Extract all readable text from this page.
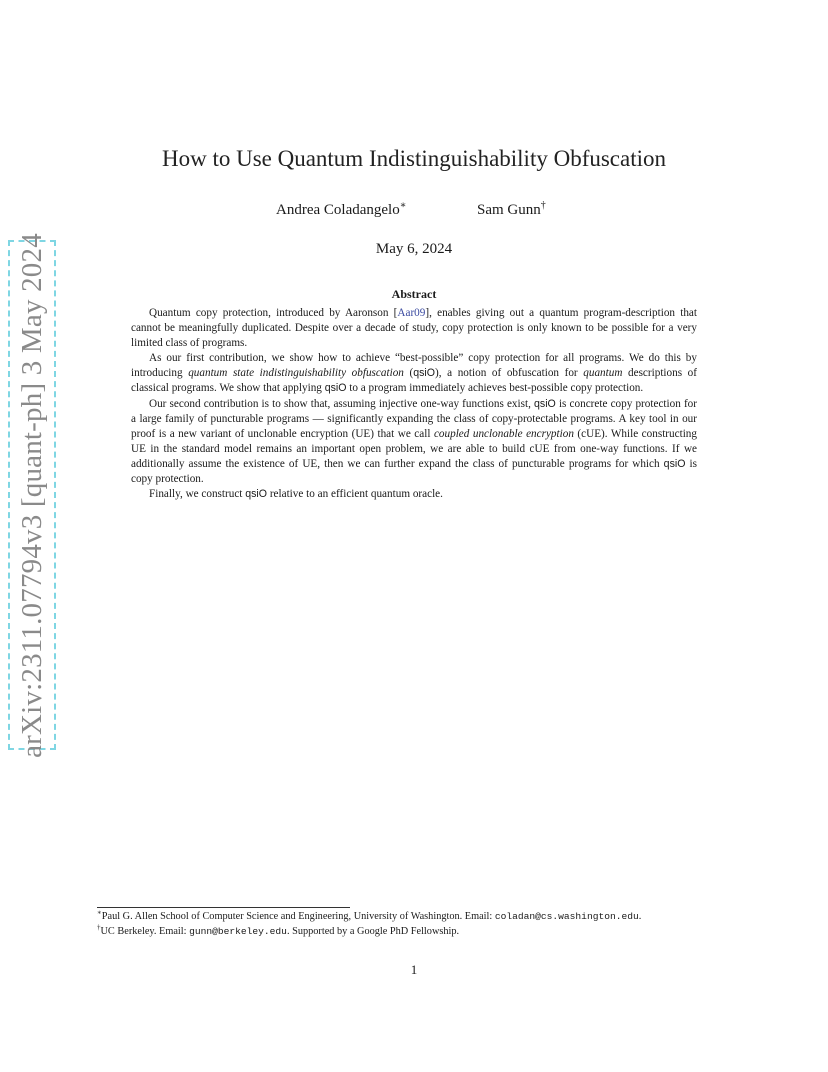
arXiv:2311.07794v3 [quant-ph] 3 May 2024
How to Use Quantum Indistinguishability Obfuscation
Andrea Coladangelo∗	Sam Gunn†
May 6, 2024
Abstract

Quantum copy protection, introduced by Aaronson [Aar09], enables giving out a quantum program-description that cannot be meaningfully duplicated. Despite over a decade of study, copy protection is only known to be possible for a very limited class of programs.

As our first contribution, we show how to achieve “best-possible” copy protection for all programs. We do this by introducing quantum state indistinguishability obfuscation (qsiO), a notion of obfuscation for quantum descriptions of classical programs. We show that applying qsiO to a program immediately achieves best-possible copy protection.

Our second contribution is to show that, assuming injective one-way functions exist, qsiO is concrete copy protection for a large family of puncturable programs — significantly expanding the class of copy-protectable programs. A key tool in our proof is a new variant of unclonable encryption (UE) that we call coupled unclonable encryption (cUE). While constructing UE in the standard model remains an important open problem, we are able to build cUE from one-way functions. If we additionally assume the existence of UE, then we can further expand the class of puncturable programs for which qsiO is copy protection.

Finally, we construct qsiO relative to an efficient quantum oracle.

∗Paul G. Allen School of Computer Science and Engineering, University of Washington. Email: coladan@cs.washington.edu.
†UC Berkeley. Email: gunn@berkeley.edu. Supported by a Google PhD Fellowship.
1
